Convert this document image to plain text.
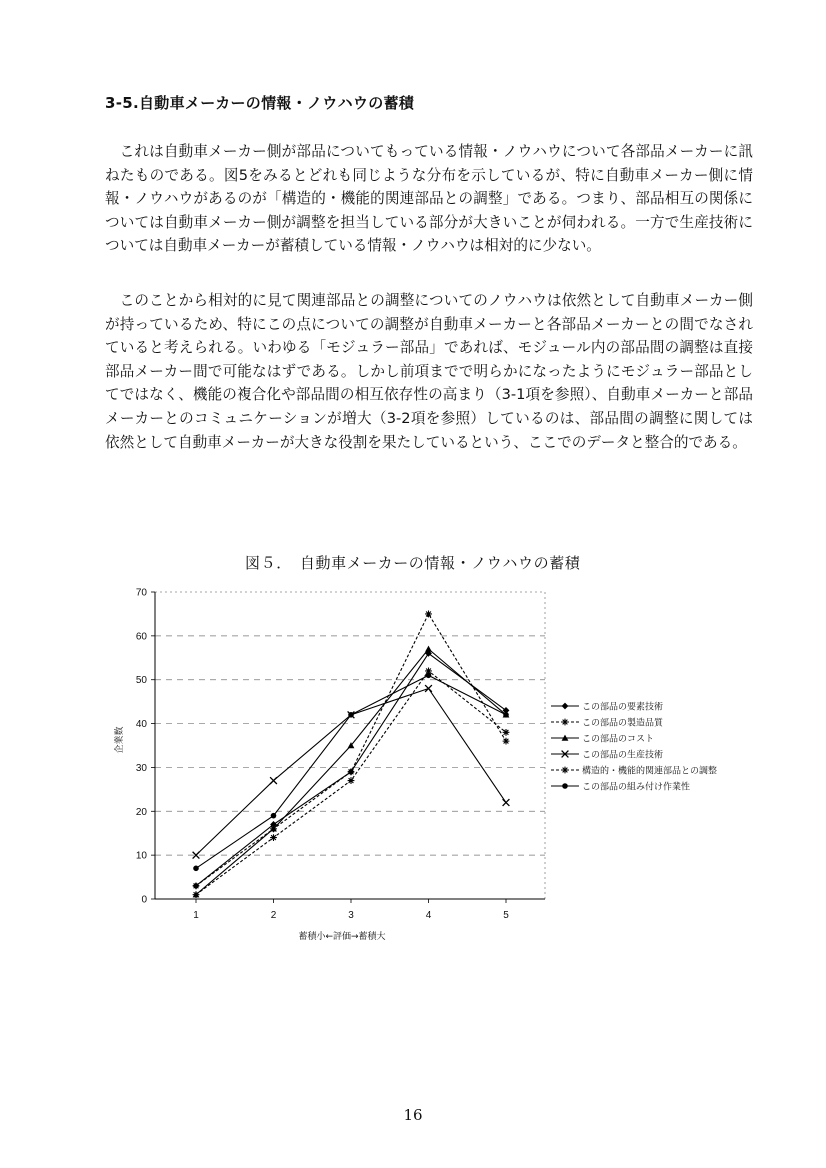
3-5.自動車メーカーの情報・ノウハウの蓄積

これは自動車メーカー側が部品についてもっている情報・ノウハウについて各部品メーカーに訊ねたものである。図5をみるとどれも同じような分布を示しているが、特に自動車メーカー側に情報・ノウハウがあるのが「構造的・機能的関連部品との調整」である。つまり、部品相互の関係については自動車メーカー側が調整を担当している部分が大きいことが伺われる。一方で生産技術については自動車メーカーが蓄積している情報・ノウハウは相対的に少ない。

このことから相対的に見て関連部品との調整についてのノウハウは依然として自動車メーカー側が持っているため、特にこの点についての調整が自動車メーカーと各部品メーカーとの間でなされていると考えられる。いわゆる「モジュラー部品」であれば、モジュール内の部品間の調整は直接部品メーカー間で可能なはずである。しかし前項までで明らかになったようにモジュラー部品としてではなく、機能の複合化や部品間の相互依存性の高まり（3-1項を参照）、自動車メーカーと部品メーカーとのコミュニケーションが増大（3-2項を参照）しているのは、部品間の調整に関しては依然として自動車メーカーが大きな役割を果たしているという、ここでのデータと整合的である。

図５．　自動車メーカーの情報・ノウハウの蓄積
0
10
20
30
40
50
60
70
1	2	3	4	5
蓄積小←評価→蓄積大
企業数
この部品の要素技術
この部品の製造品質
この部品のコスト
この部品の生産技術
構造的・機能的関連部品との調整
この部品の組み付け作業性
16
